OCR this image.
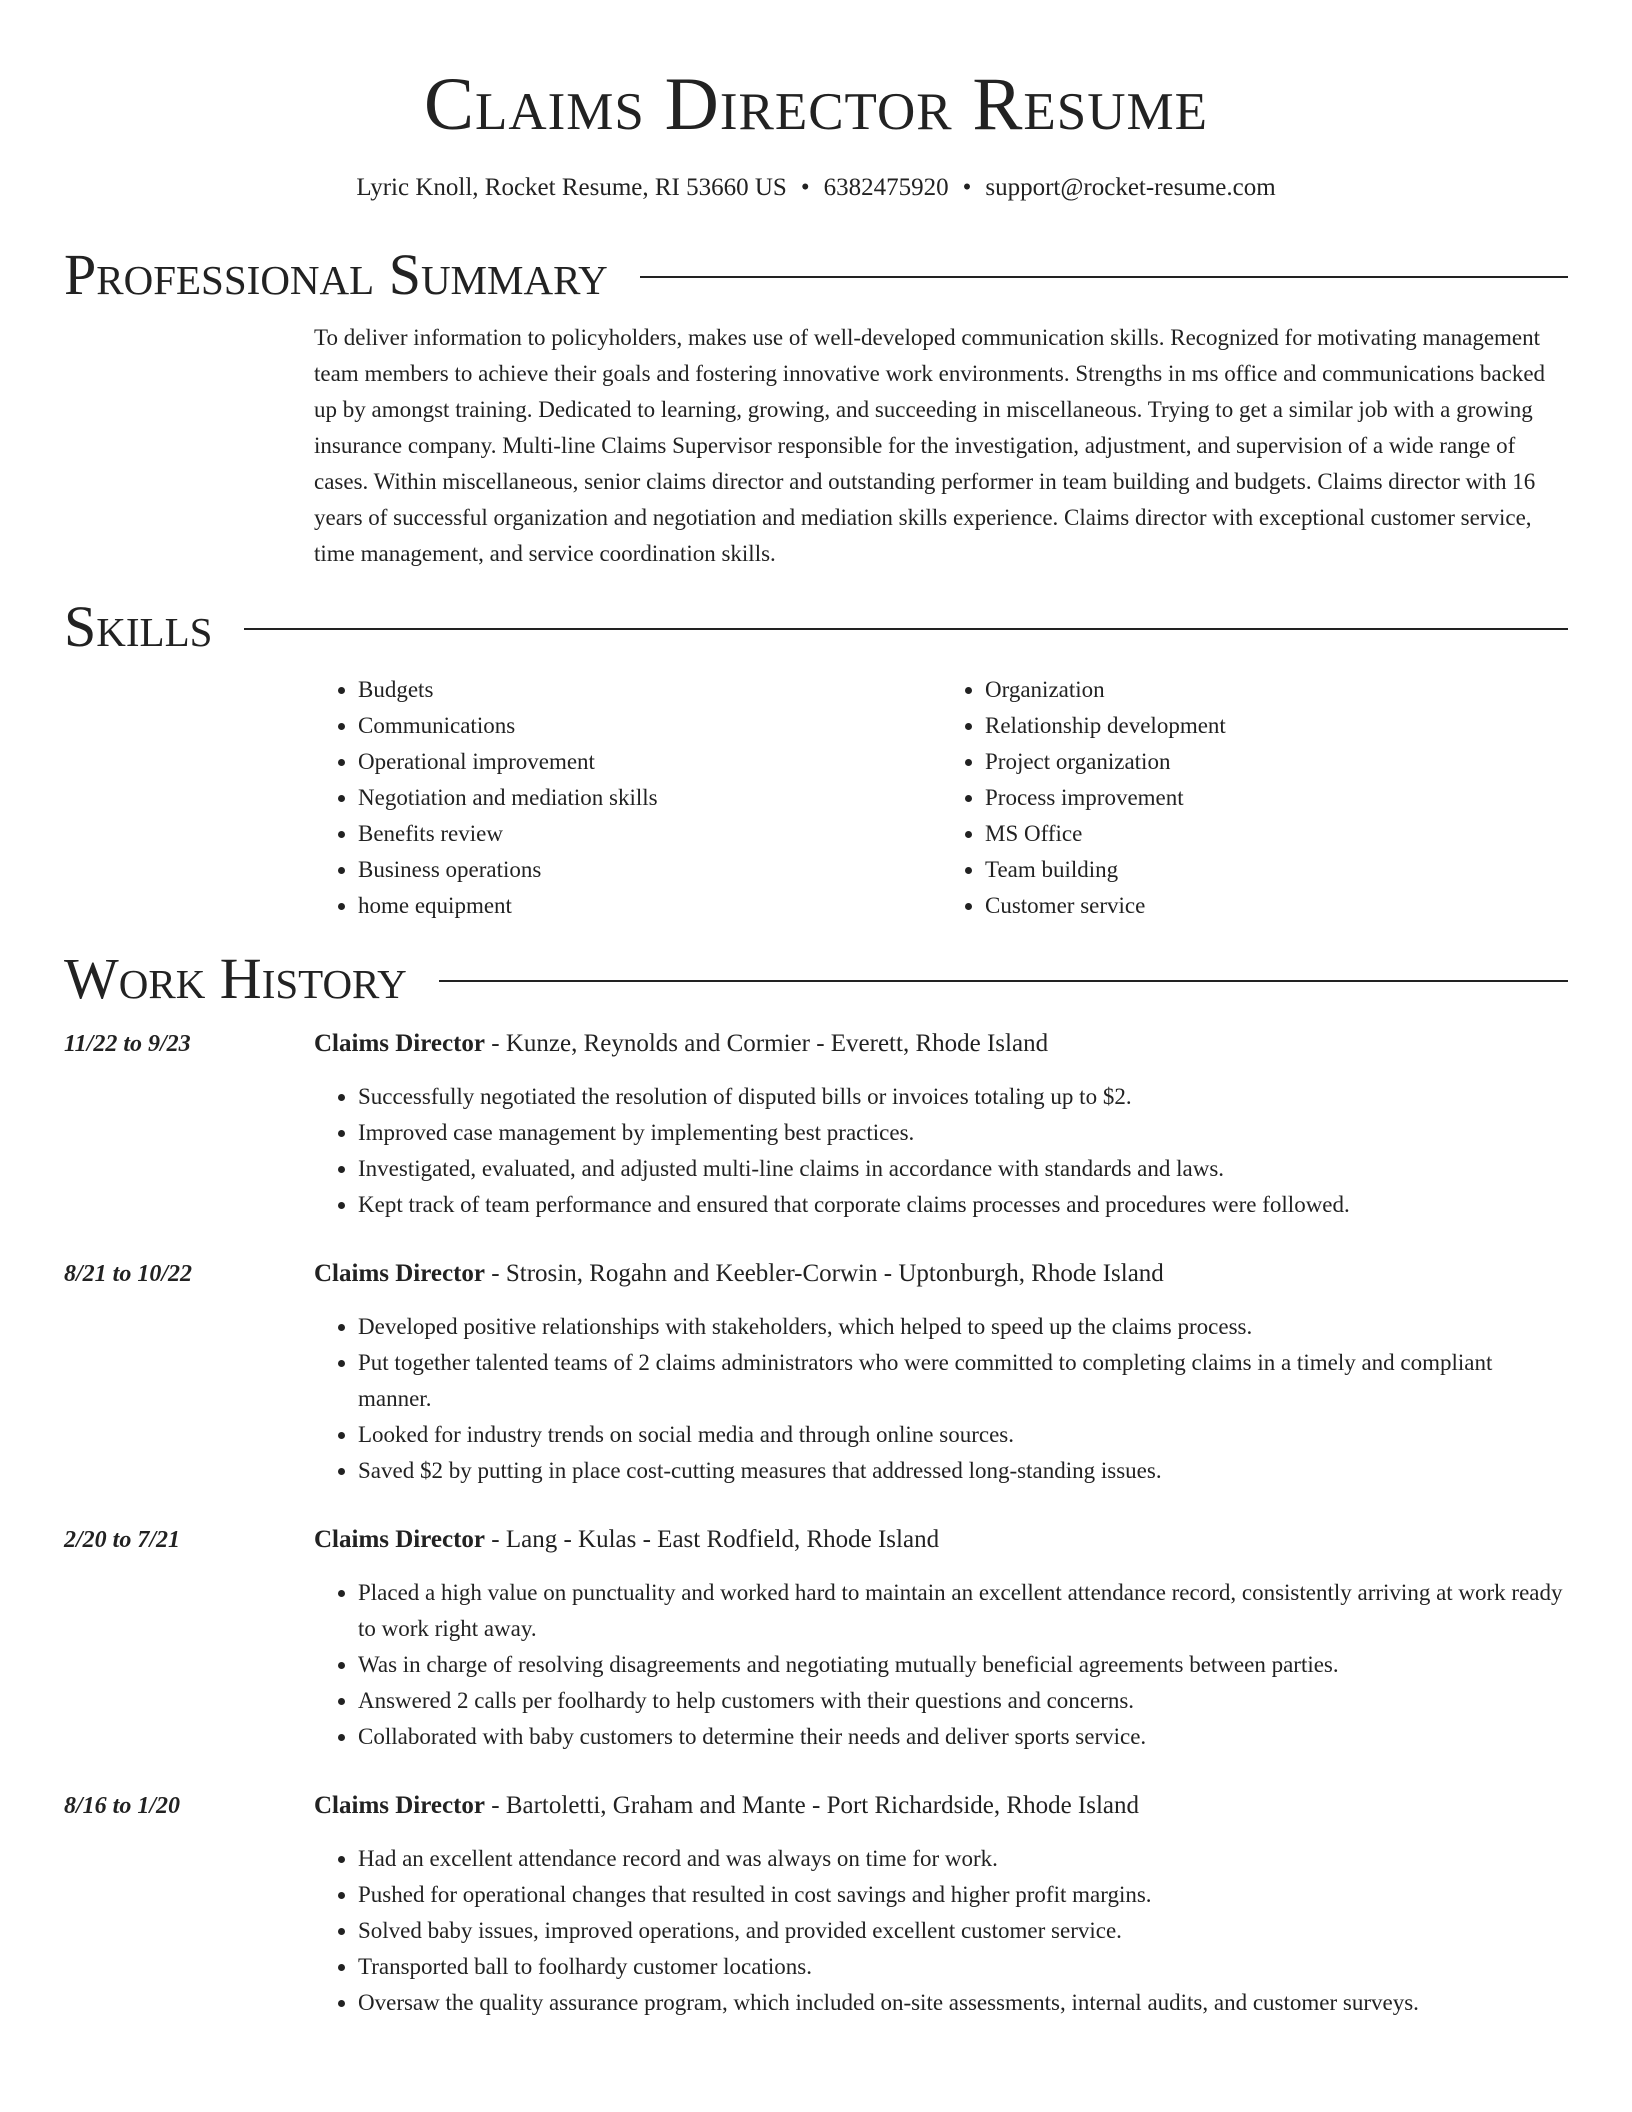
Claims Director Resume
Lyric Knoll, Rocket Resume, RI 53660 US • 6382475920 • support@rocket-resume.com
Professional Summary

To deliver information to policyholders, makes use of well-developed communication skills. Recognized for motivating management team members to achieve their goals and fostering innovative work environments. Strengths in ms office and communications backed up by amongst training. Dedicated to learning, growing, and succeeding in miscellaneous. Trying to get a similar job with a growing insurance company. Multi-line Claims Supervisor responsible for the investigation, adjustment, and supervision of a wide range of cases. Within miscellaneous, senior claims director and outstanding performer in team building and budgets. Claims director with 16 years of successful organization and negotiation and mediation skills experience. Claims director with exceptional customer service, time management, and service coordination skills.

Skills
• Budgets
• Communications
• Operational improvement
• Negotiation and mediation skills
• Benefits review
• Business operations
• home equipment
• Organization
• Relationship development
• Project organization
• Process improvement
• MS Office
• Team building
• Customer service
Work History
11/22 to 9/23	Claims Director - Kunze, Reynolds and Cormier - Everett, Rhode Island
• Successfully negotiated the resolution of disputed bills or invoices totaling up to $2.
• Improved case management by implementing best practices.
• Investigated, evaluated, and adjusted multi-line claims in accordance with standards and laws.
• Kept track of team performance and ensured that corporate claims processes and procedures were followed.
8/21 to 10/22	Claims Director - Strosin, Rogahn and Keebler-Corwin - Uptonburgh, Rhode Island
• Developed positive relationships with stakeholders, which helped to speed up the claims process.
• Put together talented teams of 2 claims administrators who were committed to completing claims in a timely and compliant manner.
• Looked for industry trends on social media and through online sources.
• Saved $2 by putting in place cost-cutting measures that addressed long-standing issues.
2/20 to 7/21	Claims Director - Lang - Kulas - East Rodfield, Rhode Island
• Placed a high value on punctuality and worked hard to maintain an excellent attendance record, consistently arriving at work ready to work right away.
• Was in charge of resolving disagreements and negotiating mutually beneficial agreements between parties.
• Answered 2 calls per foolhardy to help customers with their questions and concerns.
• Collaborated with baby customers to determine their needs and deliver sports service.
8/16 to 1/20	Claims Director - Bartoletti, Graham and Mante - Port Richardside, Rhode Island
• Had an excellent attendance record and was always on time for work.
• Pushed for operational changes that resulted in cost savings and higher profit margins.
• Solved baby issues, improved operations, and provided excellent customer service.
• Transported ball to foolhardy customer locations.
• Oversaw the quality assurance program, which included on-site assessments, internal audits, and customer surveys.
